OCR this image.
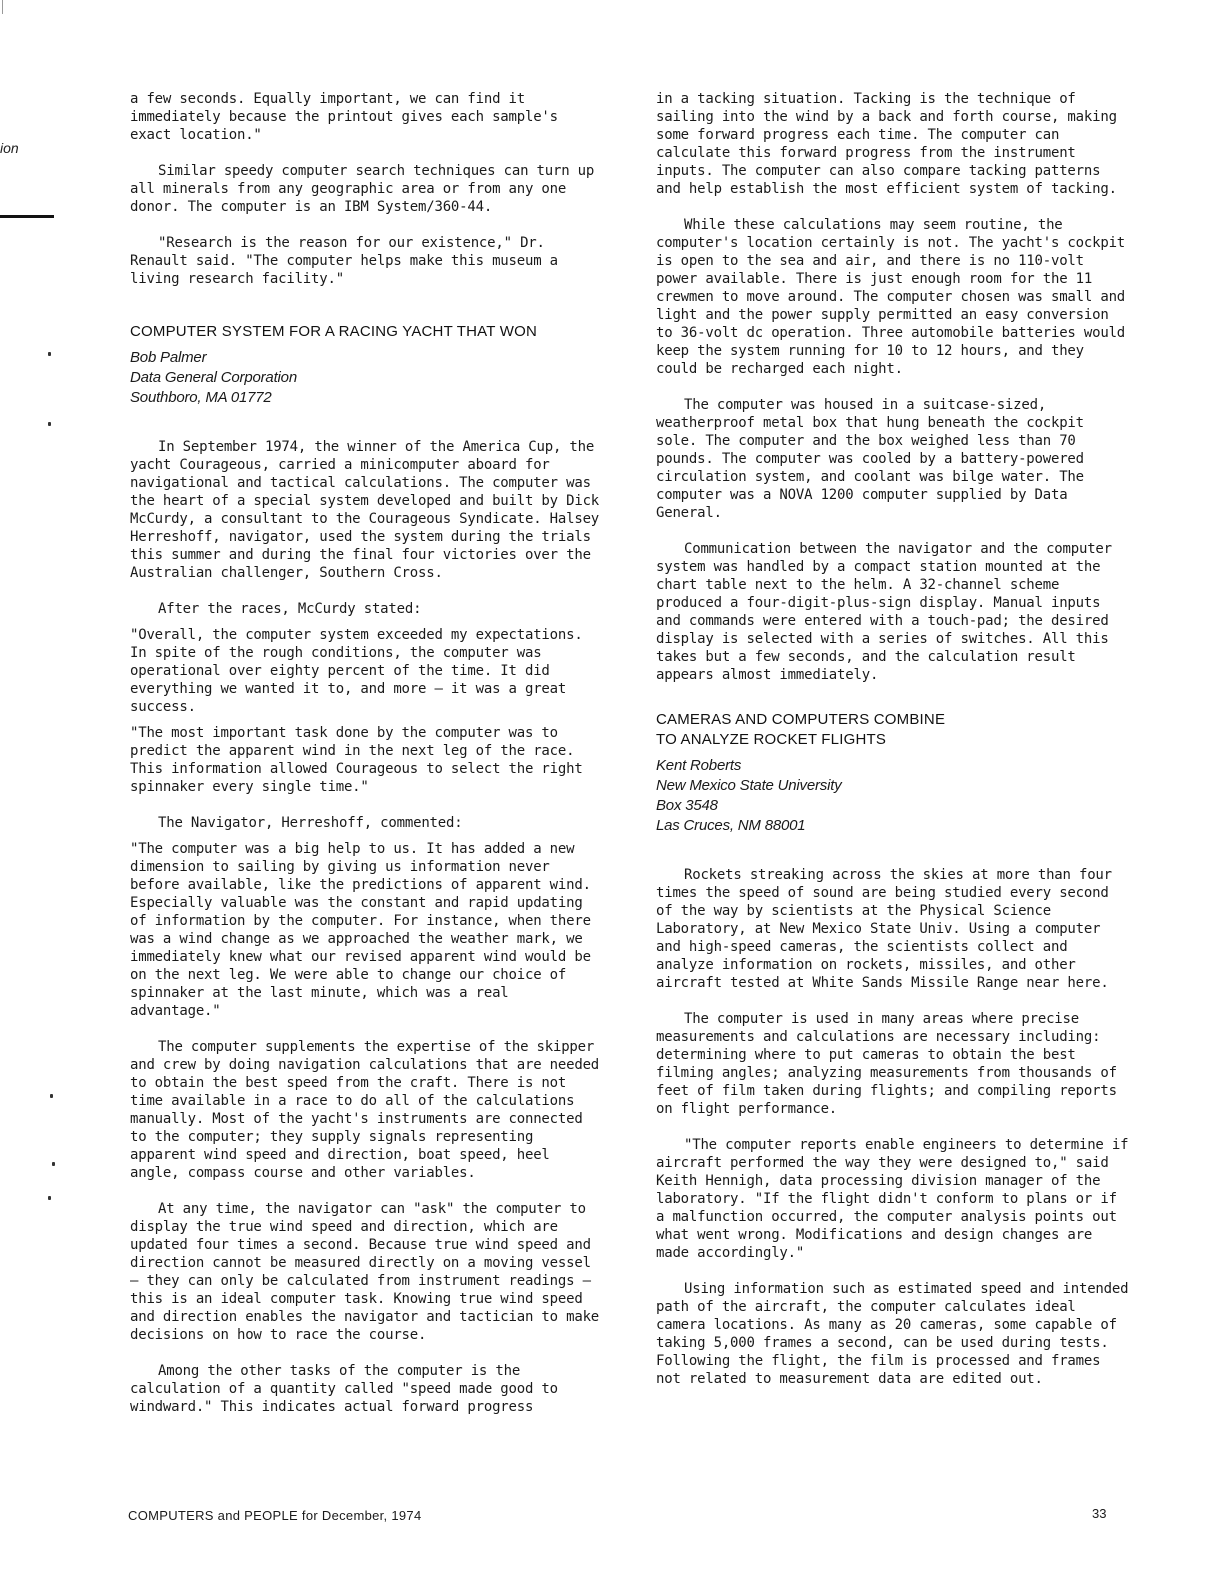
ion

a few seconds. Equally important, we can find it immediately because the printout gives each sample's exact location."

Similar speedy computer search techniques can turn up all minerals from any geographic area or from any one donor. The computer is an IBM System/360-44.

"Research is the reason for our existence," Dr. Renault said. "The computer helps make this museum a living research facility."

COMPUTER SYSTEM FOR A RACING YACHT THAT WON
Bob Palmer
Data General Corporation
Southboro, MA 01772

In September 1974, the winner of the America Cup, the yacht Courageous, carried a minicomputer aboard for navigational and tactical calculations. The computer was the heart of a special system developed and built by Dick McCurdy, a consultant to the Courageous Syndicate. Halsey Herreshoff, navigator, used the system during the trials this summer and during the final four victories over the Australian challenger, Southern Cross.

After the races, McCurdy stated:

"Overall, the computer system exceeded my expectations. In spite of the rough conditions, the computer was operational over eighty percent of the time. It did everything we wanted it to, and more — it was a great success.

"The most important task done by the computer was to predict the apparent wind in the next leg of the race. This information allowed Courageous to select the right spinnaker every single time."

The Navigator, Herreshoff, commented:

"The computer was a big help to us. It has added a new dimension to sailing by giving us information never before available, like the predictions of apparent wind. Especially valuable was the constant and rapid updating of information by the computer. For instance, when there was a wind change as we approached the weather mark, we immediately knew what our revised apparent wind would be on the next leg. We were able to change our choice of spinnaker at the last minute, which was a real advantage."

The computer supplements the expertise of the skipper and crew by doing navigation calculations that are needed to obtain the best speed from the craft. There is not time available in a race to do all of the calculations manually. Most of the yacht's instruments are connected to the computer; they supply signals representing apparent wind speed and direction, boat speed, heel angle, compass course and other variables.

At any time, the navigator can "ask" the computer to display the true wind speed and direction, which are updated four times a second. Because true wind speed and direction cannot be measured directly on a moving vessel — they can only be calculated from instrument readings — this is an ideal computer task. Knowing true wind speed and direction enables the navigator and tactician to make decisions on how to race the course.

Among the other tasks of the computer is the calculation of a quantity called "speed made good to windward." This indicates actual forward progress

in a tacking situation. Tacking is the technique of sailing into the wind by a back and forth course, making some forward progress each time. The computer can calculate this forward progress from the instrument inputs. The computer can also compare tacking patterns and help establish the most efficient system of tacking.

While these calculations may seem routine, the computer's location certainly is not. The yacht's cockpit is open to the sea and air, and there is no 110-volt power available. There is just enough room for the 11 crewmen to move around. The computer chosen was small and light and the power supply permitted an easy conversion to 36-volt dc operation. Three automobile batteries would keep the system running for 10 to 12 hours, and they could be recharged each night.

The computer was housed in a suitcase-sized, weatherproof metal box that hung beneath the cockpit sole. The computer and the box weighed less than 70 pounds. The computer was cooled by a battery-powered circulation system, and coolant was bilge water. The computer was a NOVA 1200 computer supplied by Data General.

Communication between the navigator and the computer system was handled by a compact station mounted at the chart table next to the helm. A 32-channel scheme produced a four-digit-plus-sign display. Manual inputs and commands were entered with a touch-pad; the desired display is selected with a series of switches. All this takes but a few seconds, and the calculation result appears almost immediately.

CAMERAS AND COMPUTERS COMBINE
TO ANALYZE ROCKET FLIGHTS
Kent Roberts
New Mexico State University
Box 3548
Las Cruces, NM 88001

Rockets streaking across the skies at more than four times the speed of sound are being studied every second of the way by scientists at the Physical Science Laboratory, at New Mexico State Univ. Using a computer and high-speed cameras, the scientists collect and analyze information on rockets, missiles, and other aircraft tested at White Sands Missile Range near here.

The computer is used in many areas where precise measurements and calculations are necessary including: determining where to put cameras to obtain the best filming angles; analyzing measurements from thousands of feet of film taken during flights; and compiling reports on flight performance.

"The computer reports enable engineers to determine if aircraft performed the way they were designed to," said Keith Hennigh, data processing division manager of the laboratory. "If the flight didn't conform to plans or if a malfunction occurred, the computer analysis points out what went wrong. Modifications and design changes are made accordingly."

Using information such as estimated speed and intended path of the aircraft, the computer calculates ideal camera locations. As many as 20 cameras, some capable of taking 5,000 frames a second, can be used during tests. Following the flight, the film is processed and frames not related to measurement data are edited out.

COMPUTERS and PEOPLE for December, 1974	33
